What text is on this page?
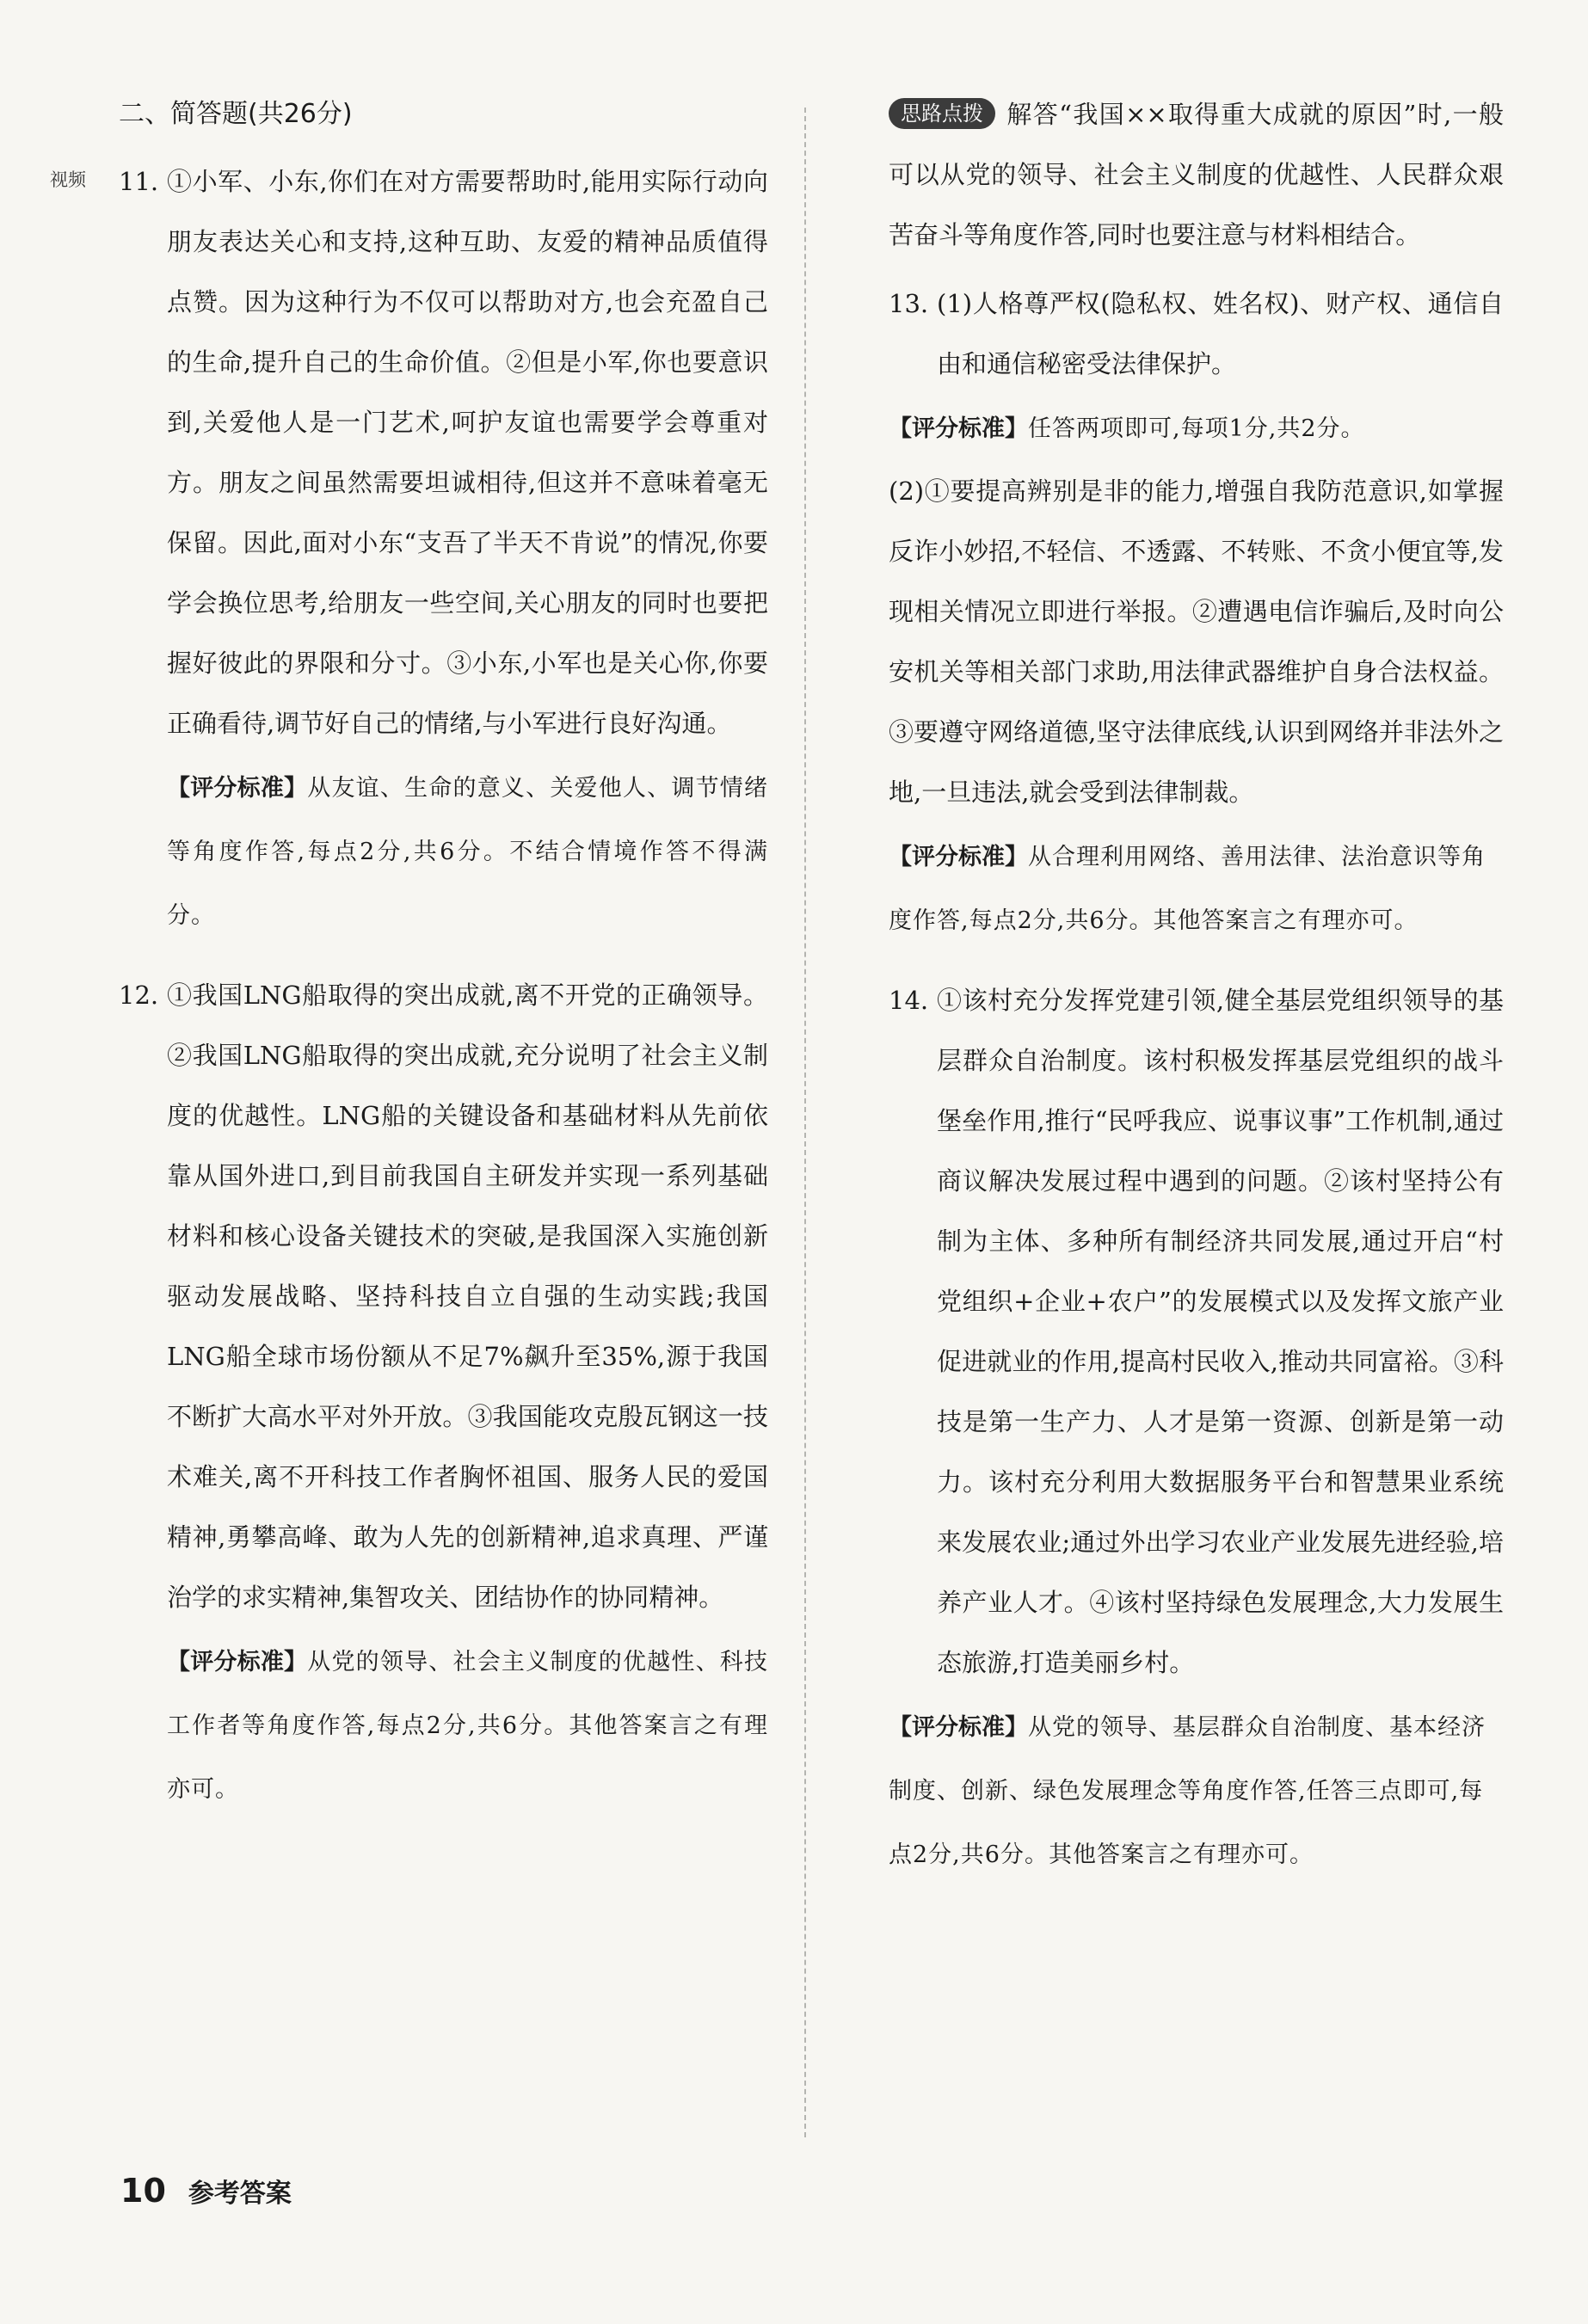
二、简答题(共26分)
视频 11. ①小军、小东,你们在对方需要帮助时,能用实际行动向朋友表达关心和支持,这种互助、友爱的精神品质值得点赞。因为这种行为不仅可以帮助对方,也会充盈自己的生命,提升自己的生命价值。②但是小军,你也要意识到,关爱他人是一门艺术,呵护友谊也需要学会尊重对方。朋友之间虽然需要坦诚相待,但这并不意味着毫无保留。因此,面对小东“支吾了半天不肯说”的情况,你要学会换位思考,给朋友一些空间,关心朋友的同时也要把握好彼此的界限和分寸。③小东,小军也是关心你,你要正确看待,调节好自己的情绪,与小军进行良好沟通。

【评分标准】从友谊、生命的意义、关爱他人、调节情绪等角度作答,每点2分,共6分。不结合情境作答不得满分。

12. ①我国LNG船取得的突出成就,离不开党的正确领导。②我国LNG船取得的突出成就,充分说明了社会主义制度的优越性。LNG船的关键设备和基础材料从先前依靠从国外进口,到目前我国自主研发并实现一系列基础材料和核心设备关键技术的突破,是我国深入实施创新驱动发展战略、坚持科技自立自强的生动实践;我国LNG船全球市场份额从不足7%飙升至35%,源于我国不断扩大高水平对外开放。③我国能攻克殷瓦钢这一技术难关,离不开科技工作者胸怀祖国、服务人民的爱国精神,勇攀高峰、敢为人先的创新精神,追求真理、严谨治学的求实精神,集智攻关、团结协作的协同精神。

【评分标准】从党的领导、社会主义制度的优越性、科技工作者等角度作答,每点2分,共6分。其他答案言之有理亦可。

思路点拨 解答“我国××取得重大成就的原因”时,一般可以从党的领导、社会主义制度的优越性、人民群众艰苦奋斗等角度作答,同时也要注意与材料相结合。
13. (1)人格尊严权(隐私权、姓名权)、财产权、通信自由和通信秘密受法律保护。

【评分标准】任答两项即可,每项1分,共2分。

(2)①要提高辨别是非的能力,增强自我防范意识,如掌握反诈小妙招,不轻信、不透露、不转账、不贪小便宜等,发现相关情况立即进行举报。②遭遇电信诈骗后,及时向公安机关等相关部门求助,用法律武器维护自身合法权益。③要遵守网络道德,坚守法律底线,认识到网络并非法外之地,一旦违法,就会受到法律制裁。

【评分标准】从合理利用网络、善用法律、法治意识等角度作答,每点2分,共6分。其他答案言之有理亦可。

14. ①该村充分发挥党建引领,健全基层党组织领导的基层群众自治制度。该村积极发挥基层党组织的战斗堡垒作用,推行“民呼我应、说事议事”工作机制,通过商议解决发展过程中遇到的问题。②该村坚持公有制为主体、多种所有制经济共同发展,通过开启“村党组织+企业+农户”的发展模式以及发挥文旅产业促进就业的作用,提高村民收入,推动共同富裕。③科技是第一生产力、人才是第一资源、创新是第一动力。该村充分利用大数据服务平台和智慧果业系统来发展农业;通过外出学习农业产业发展先进经验,培养产业人才。④该村坚持绿色发展理念,大力发展生态旅游,打造美丽乡村。

【评分标准】从党的领导、基层群众自治制度、基本经济制度、创新、绿色发展理念等角度作答,任答三点即可,每点2分,共6分。其他答案言之有理亦可。

10 参考答案
